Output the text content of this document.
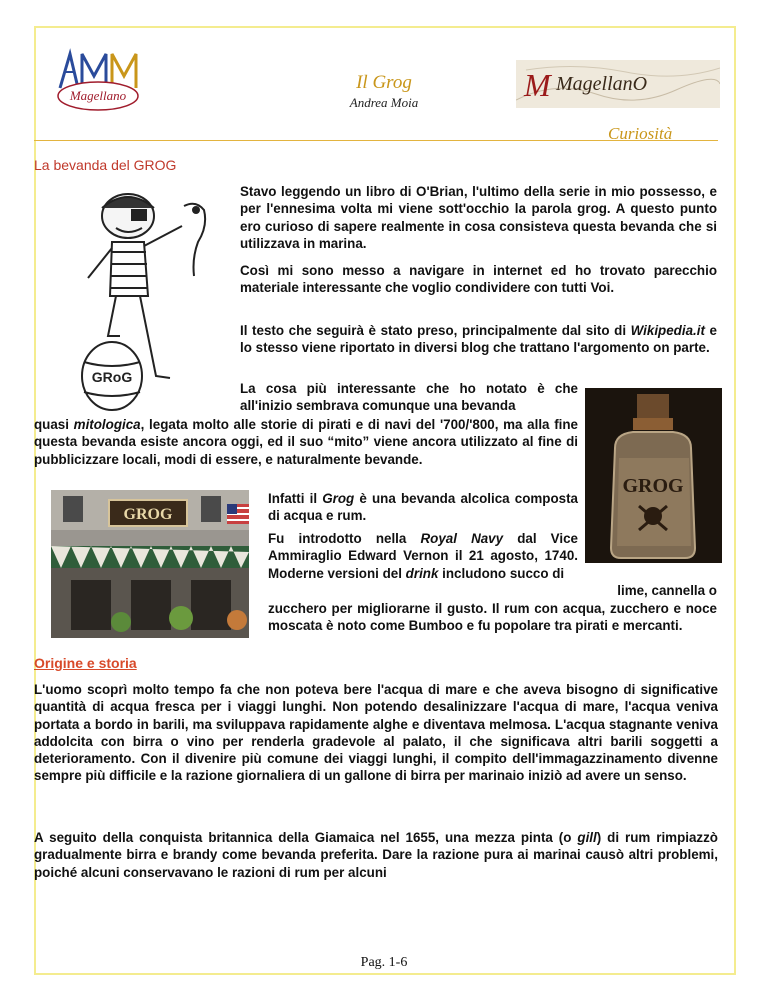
Magellano	M MagellanO
Il Grog
Andrea Moia
Curiosità
La bevanda del GROG
GRoG

Stavo leggendo un libro di O'Brian, l'ultimo della serie in mio possesso, e per l'ennesima volta mi viene sott'occhio la parola grog. A questo punto ero curioso di sapere realmente in cosa consisteva questa bevanda che si utilizzava in marina.

Così mi sono messo a navigare in internet ed ho trovato parecchio materiale interessante che voglio condividere con tutti Voi.

Il testo che seguirà è stato preso, principalmente dal sito di Wikipedia.it e lo stesso viene riportato in diversi blog che trattano l'argomento on parte.

La cosa più interessante che ho notato è che all'inizio sembrava comunque una bevanda

quasi mitologica, legata molto alle storie di pirati e di navi del '700/'800, ma alla fine questa bevanda esiste ancora oggi, ed il suo “mito” viene ancora utilizzato al fine di pubblicizzare locali, modi di essere, e naturalmente bevande.

GROG
GROG

Infatti il Grog è una bevanda alcolica composta di acqua e rum.

Fu introdotto nella Royal Navy dal Vice Ammiraglio Edward Vernon il 21 agosto, 1740. Moderne versioni del drink includono succo di

lime, cannella o

zucchero per migliorarne il gusto. Il rum con acqua, zucchero e noce moscata è noto come Bumboo e fu popolare tra pirati e mercanti.

Origine e storia

L'uomo scoprì molto tempo fa che non poteva bere l'acqua di mare e che aveva bisogno di significative quantità di acqua fresca per i viaggi lunghi. Non potendo desalinizzare l'acqua di mare, l'acqua veniva portata a bordo in barili, ma sviluppava rapidamente alghe e diventava melmosa. L'acqua stagnante veniva addolcita con birra o vino per renderla gradevole al palato, il che significava altri barili soggetti a deterioramento. Con il divenire più comune dei viaggi lunghi, il compito dell'immagazzinamento divenne sempre più difficile e la razione giornaliera di un gallone di birra per marinaio iniziò ad avere un senso.

A seguito della conquista britannica della Giamaica nel 1655, una mezza pinta (o gill) di rum rimpiazzò gradualmente birra e brandy come bevanda preferita. Dare la razione pura ai marinai causò altri problemi, poiché alcuni conservavano le razioni di rum per alcuni

Pag. 1-6
